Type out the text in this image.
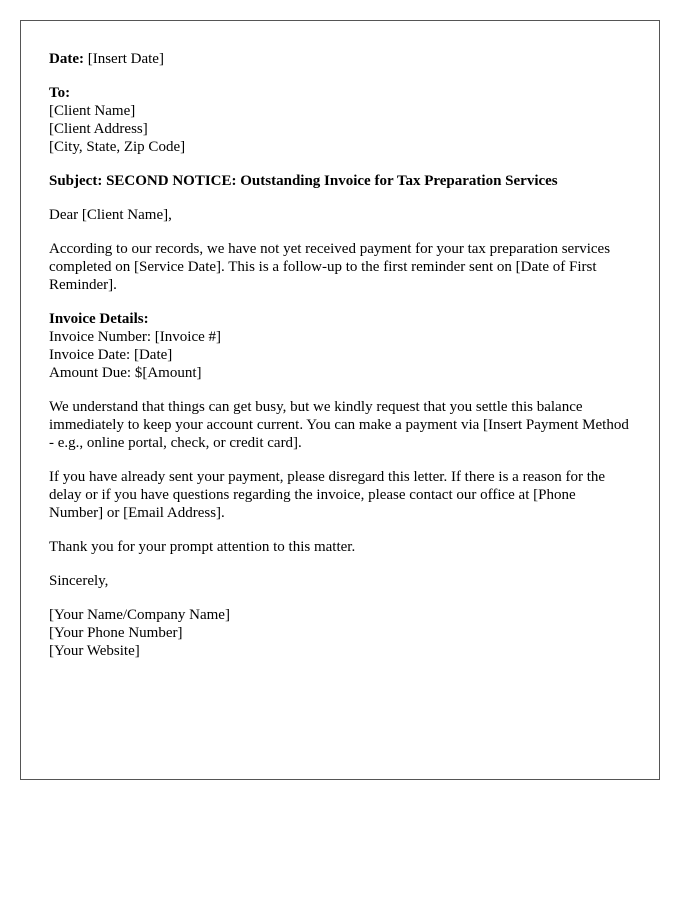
Date: [Insert Date]
To:
[Client Name]
[Client Address]
[City, State, Zip Code]
Subject: SECOND NOTICE: Outstanding Invoice for Tax Preparation Services
Dear [Client Name],

According to our records, we have not yet received payment for your tax preparation services completed on [Service Date]. This is a follow-up to the first reminder sent on [Date of First Reminder].

Invoice Details:
Invoice Number: [Invoice #]
Invoice Date: [Date]
Amount Due: $[Amount]

We understand that things can get busy, but we kindly request that you settle this balance immediately to keep your account current. You can make a payment via [Insert Payment Method - e.g., online portal, check, or credit card].

If you have already sent your payment, please disregard this letter. If there is a reason for the delay or if you have questions regarding the invoice, please contact our office at [Phone Number] or [Email Address].

Thank you for your prompt attention to this matter.

Sincerely,
[Your Name/Company Name]
[Your Phone Number]
[Your Website]
